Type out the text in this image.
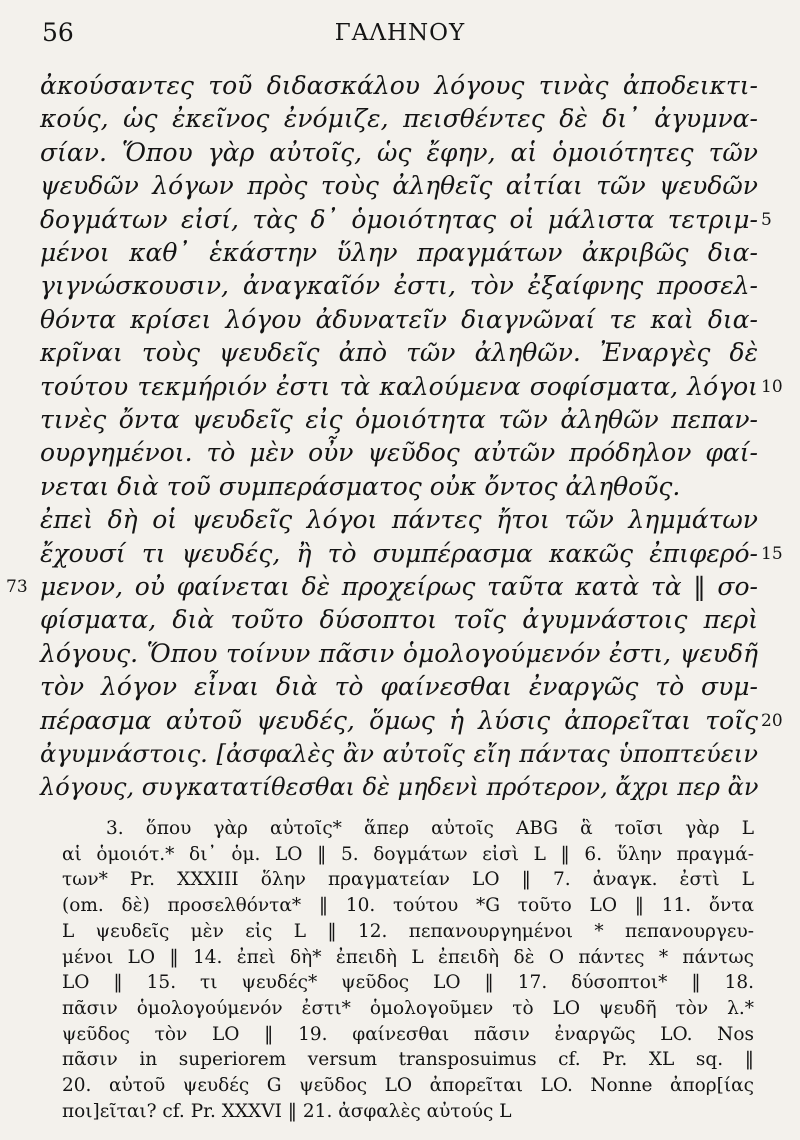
56	ΓΑΛΗΝΟΥ
ἀκούσαντες τοῦ διδασκάλου λόγους τινὰς ἀποδεικτι-
κούς, ὡς ἐκεῖνος ἐνόμιζε, πεισθέντες δὲ δι᾽ ἀγυμνα-
σίαν. Ὅπου γὰρ αὐτοῖς, ὡς ἔφην, αἱ ὁμοιότητες τῶν
ψευδῶν λόγων πρὸς τοὺς ἀληθεῖς αἰτίαι τῶν ψευδῶν
δογμάτων εἰσί, τὰς δ᾽ ὁμοιότητας οἱ μάλιστα τετριμ- 5
μένοι καθ᾽ ἑκάστην ὕλην πραγμάτων ἀκριβῶς δια-
γιγνώσκουσιν, ἀναγκαῖόν ἐστι, τὸν ἐξαίφνης προσελ-
θόντα κρίσει λόγου ἀδυνατεῖν διαγνῶναί τε καὶ δια-
κρῖναι τοὺς ψευδεῖς ἀπὸ τῶν ἀληθῶν. Ἐναργὲς δὲ
τούτου τεκμήριόν ἐστι τὰ καλούμενα σοφίσματα, λόγοι 10
τινὲς ὄντα ψευδεῖς εἰς ὁμοιότητα τῶν ἀληθῶν πεπαν-
ουργημένοι. τὸ μὲν οὖν ψεῦδος αὐτῶν πρόδηλον φαί-
νεται διὰ τοῦ συμπεράσματος οὐκ ὄντος ἀληθοῦς.
ἐπεὶ δὴ οἱ ψευδεῖς λόγοι πάντες ἤτοι τῶν λημμάτων
ἔχουσί τι ψευδές, ἢ τὸ συμπέρασμα κακῶς ἐπιφερό- 15
μενον, οὐ φαίνεται δὲ προχείρως ταῦτα κατὰ τὰ ‖ σο-
73
φίσματα, διὰ τοῦτο δύσοπτοι τοῖς ἀγυμνάστοις περὶ
λόγους. Ὅπου τοίνυν πᾶσιν ὁμολογούμενόν ἐστι, ψευδῆ
τὸν λόγον εἶναι διὰ τὸ φαίνεσθαι ἐναργῶς τὸ συμ-
πέρασμα αὐτοῦ ψευδές, ὅμως ἡ λύσις ἀπορεῖται τοῖς 20
ἀγυμνάστοις. [ἀσφαλὲς ἂν αὐτοῖς εἴη πάντας ὑποπτεύειν
λόγους, συγκατατίθεσθαι δὲ μηδενὶ πρότερον, ἄχρι περ ἂν
3. ὅπου γὰρ αὐτοῖς* ἅπερ αὐτοῖς ABG ἃ τοῖσι γὰρ L
αἱ ὁμοιότ.* δι᾽ ὁμ. LO ‖ 5. δογμάτων εἰσὶ L ‖ 6. ὕλην πραγμά-
των* Pr. XXXIII ὅλην πραγματείαν LO ‖ 7. ἀναγκ. ἐστὶ L
(om. δὲ) προσελθόντα* ‖ 10. τούτου *G τοῦτο LO ‖ 11. ὄντα
L ψευδεῖς μὲν εἰς L ‖ 12. πεπανουργημένοι * πεπανουργευ-
μένοι LO ‖ 14. ἐπεὶ δὴ* ἐπειδὴ L ἐπειδὴ δὲ O πάντες * πάντως
LO ‖ 15. τι ψευδές* ψεῦδος LO ‖ 17. δύσοπτοι* ‖ 18.
πᾶσιν ὁμολογούμενόν ἐστι* ὁμολογοῦμεν τὸ LO ψευδῆ τὸν λ.*
ψεῦδος τὸν LO ‖ 19. φαίνεσθαι πᾶσιν ἐναργῶς LO. Nos
πᾶσιν in superiorem versum transposuimus cf. Pr. XL sq. ‖
20. αὐτοῦ ψευδές G ψεῦδος LO ἀπορεῖται LO. Nonne ἀπορ[ίας
ποι]εῖται? cf. Pr. XXXVI ‖ 21. ἀσφαλὲς αὐτούς L
